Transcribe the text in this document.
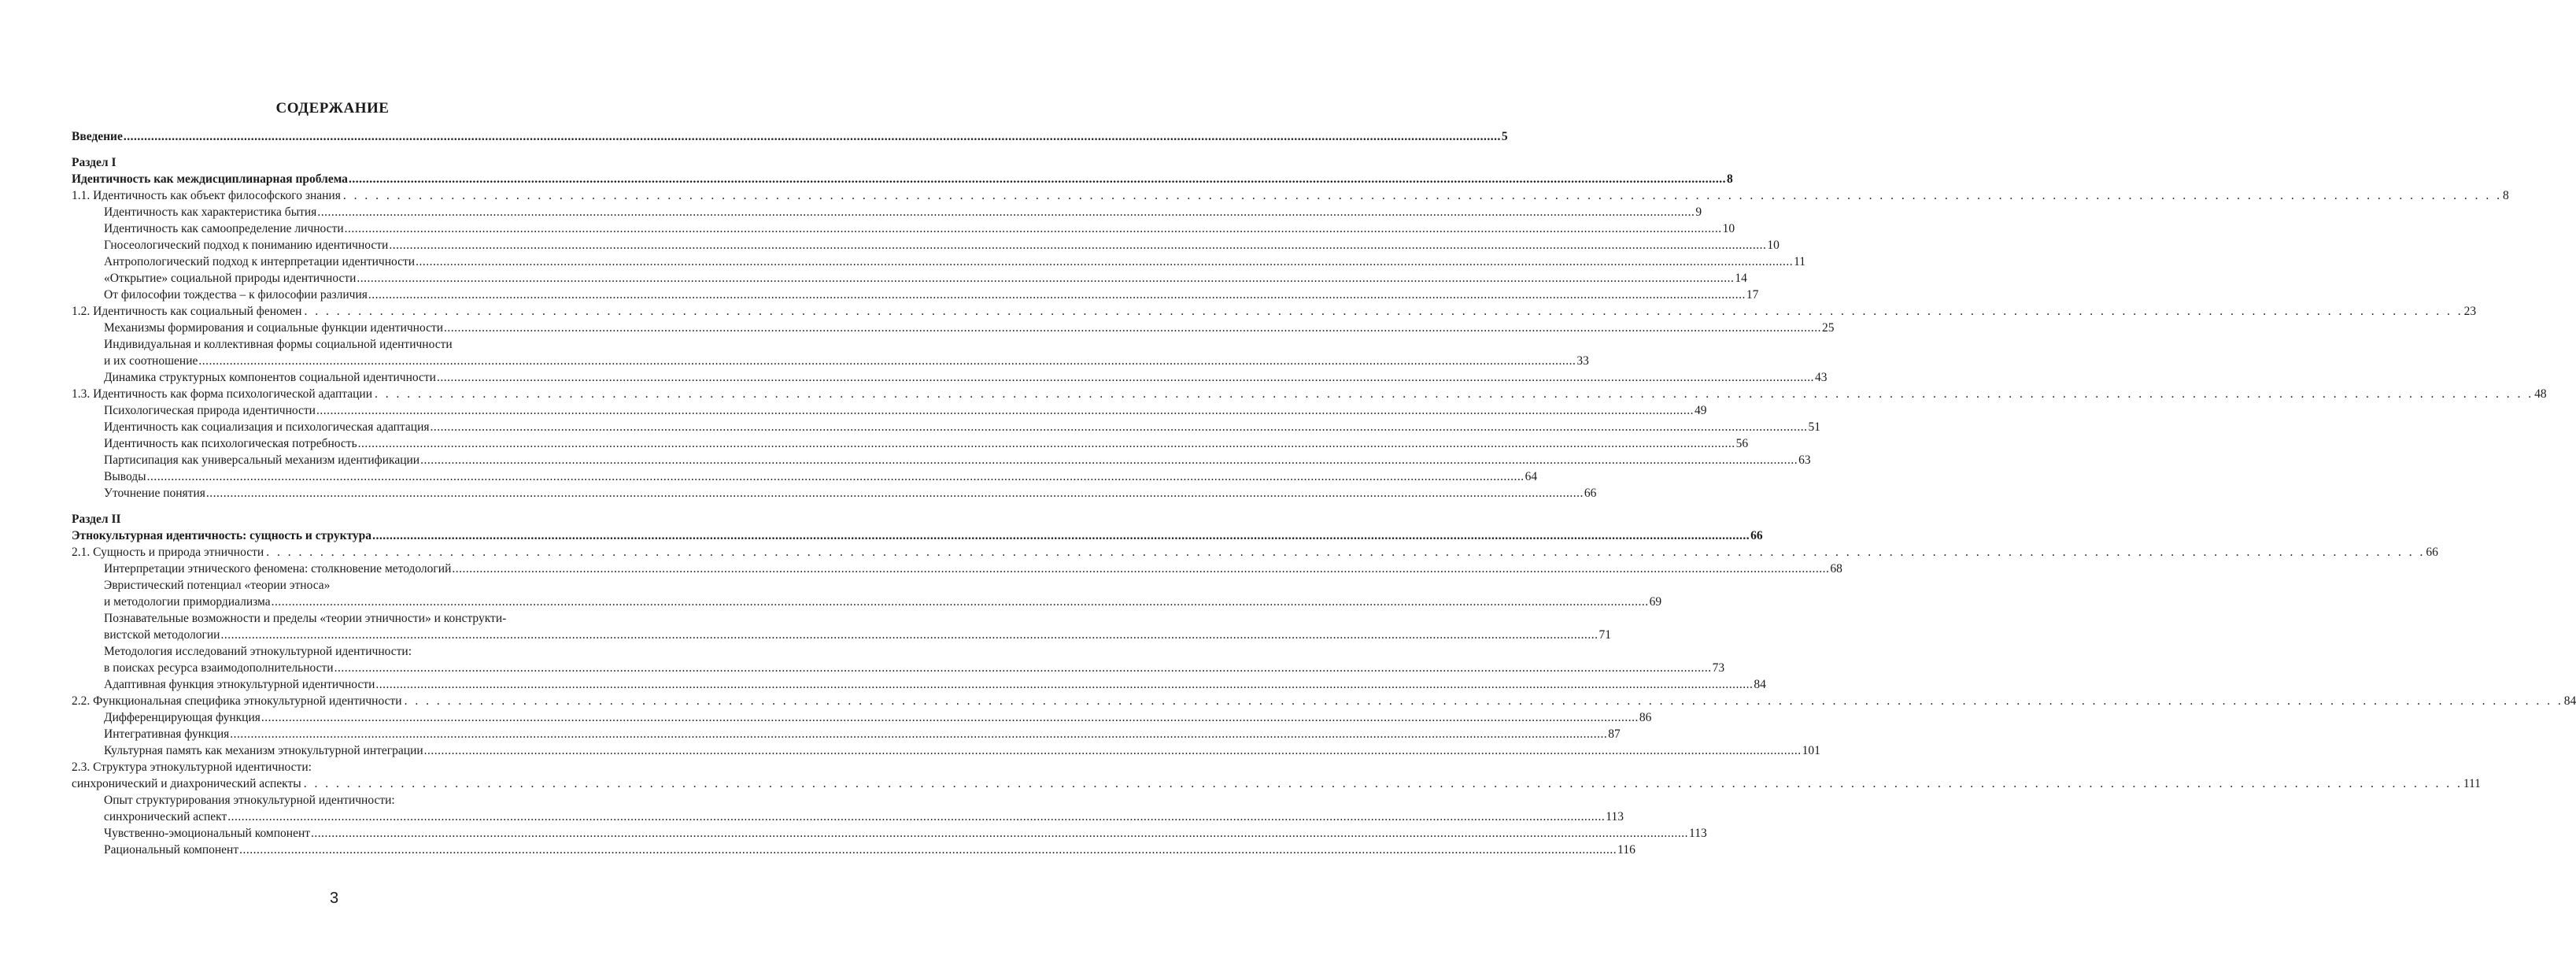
СОДЕРЖАНИЕ
Введение ................................................................................................................................................................................................................................................................................................................................................................................................................ 5
Раздел I
Идентичность как междисциплинарная проблема ................................................................................................................................................................................................................................................................................................................................................................................................................ 8
1.1. Идентичность как объект философского знания . . . . . . . . . . . . . . . . . . . . . . . . . . . . . . . . . . . . . . . . . . . . . . . . . . . . . . . . . . . . . . . . . . . . . . . . . . . . . . . . . . . . . . . . . . . . . . . . . . . . . . . . . . . . . . . . . . . . . . . . . . . . . . . . . . . . . . . . . . . . . . . . . . . . . . . . . . . . . . . . . . . . . . . . . . . . . . . . . . . . . . . . . . . . . . . . . . . . . . . . 8
Идентичность как характеристика бытия ................................................................................................................................................................................................................................................................................................................................................................................................................ 9
Идентичность как самоопределение личности ................................................................................................................................................................................................................................................................................................................................................................................................................ 10
Гносеологический подход к пониманию идентичности ................................................................................................................................................................................................................................................................................................................................................................................................................ 10
Антропологический подход к интерпретации идентичности ................................................................................................................................................................................................................................................................................................................................................................................................................ 11
«Открытие» социальной природы идентичности ................................................................................................................................................................................................................................................................................................................................................................................................................ 14
От философии тождества – к философии различия ................................................................................................................................................................................................................................................................................................................................................................................................................ 17
1.2. Идентичность как социальный феномен . . . . . . . . . . . . . . . . . . . . . . . . . . . . . . . . . . . . . . . . . . . . . . . . . . . . . . . . . . . . . . . . . . . . . . . . . . . . . . . . . . . . . . . . . . . . . . . . . . . . . . . . . . . . . . . . . . . . . . . . . . . . . . . . . . . . . . . . . . . . . . . . . . . . . . . . . . . . . . . . . . . . . . . . . . . . . . . . . . . . . . . . . . . . . . . . . . . . . . . . 23
Механизмы формирования и социальные функции идентичности ................................................................................................................................................................................................................................................................................................................................................................................................................ 25
Индивидуальная и коллективная формы социальной идентичности
и их соотношение ................................................................................................................................................................................................................................................................................................................................................................................................................ 33
Динамика структурных компонентов социальной идентичности ................................................................................................................................................................................................................................................................................................................................................................................................................ 43
1.3. Идентичность как форма психологической адаптации . . . . . . . . . . . . . . . . . . . . . . . . . . . . . . . . . . . . . . . . . . . . . . . . . . . . . . . . . . . . . . . . . . . . . . . . . . . . . . . . . . . . . . . . . . . . . . . . . . . . . . . . . . . . . . . . . . . . . . . . . . . . . . . . . . . . . . . . . . . . . . . . . . . . . . . . . . . . . . . . . . . . . . . . . . . . . . . . . . . . . . . . . . . . . . . . . . . . . . . . 48
Психологическая природа идентичности ................................................................................................................................................................................................................................................................................................................................................................................................................ 49
Идентичность как социализация и психологическая адаптация ................................................................................................................................................................................................................................................................................................................................................................................................................ 51
Идентичность как психологическая потребность ................................................................................................................................................................................................................................................................................................................................................................................................................ 56
Партисипация как универсальный механизм идентификации ................................................................................................................................................................................................................................................................................................................................................................................................................ 63
Выводы ................................................................................................................................................................................................................................................................................................................................................................................................................ 64
Уточнение понятия ................................................................................................................................................................................................................................................................................................................................................................................................................ 66
Раздел II
Этнокультурная идентичность: сущность и структура ................................................................................................................................................................................................................................................................................................................................................................................................................ 66
2.1. Сущность и природа этничности . . . . . . . . . . . . . . . . . . . . . . . . . . . . . . . . . . . . . . . . . . . . . . . . . . . . . . . . . . . . . . . . . . . . . . . . . . . . . . . . . . . . . . . . . . . . . . . . . . . . . . . . . . . . . . . . . . . . . . . . . . . . . . . . . . . . . . . . . . . . . . . . . . . . . . . . . . . . . . . . . . . . . . . . . . . . . . . . . . . . . . . . . . . . . . . . . . . . . . . . 66
Интерпретации этнического феномена: столкновение методологий ................................................................................................................................................................................................................................................................................................................................................................................................................ 68
Эвристический потенциал «теории этноса»
и методологии примордиализма ................................................................................................................................................................................................................................................................................................................................................................................................................ 69
Познавательные возможности и пределы «теории этничности» и конструкти-
вистской методологии ................................................................................................................................................................................................................................................................................................................................................................................................................ 71
Методология исследований этнокультурной идентичности:
в поисках ресурса взаимодополнительности ................................................................................................................................................................................................................................................................................................................................................................................................................ 73
Адаптивная функция этнокультурной идентичности ................................................................................................................................................................................................................................................................................................................................................................................................................ 84
2.2. Функциональная специфика этнокультурной идентичности . . . . . . . . . . . . . . . . . . . . . . . . . . . . . . . . . . . . . . . . . . . . . . . . . . . . . . . . . . . . . . . . . . . . . . . . . . . . . . . . . . . . . . . . . . . . . . . . . . . . . . . . . . . . . . . . . . . . . . . . . . . . . . . . . . . . . . . . . . . . . . . . . . . . . . . . . . . . . . . . . . . . . . . . . . . . . . . . . . . . . . . . . . . . . . . . . . . . . . . . 84
Дифференцирующая функция ................................................................................................................................................................................................................................................................................................................................................................................................................ 86
Интегративная функция ................................................................................................................................................................................................................................................................................................................................................................................................................ 87
Культурная память как механизм этнокультурной интеграции ................................................................................................................................................................................................................................................................................................................................................................................................................ 101
2.3. Структура этнокультурной идентичности:
синхронический и диахронический аспекты . . . . . . . . . . . . . . . . . . . . . . . . . . . . . . . . . . . . . . . . . . . . . . . . . . . . . . . . . . . . . . . . . . . . . . . . . . . . . . . . . . . . . . . . . . . . . . . . . . . . . . . . . . . . . . . . . . . . . . . . . . . . . . . . . . . . . . . . . . . . . . . . . . . . . . . . . . . . . . . . . . . . . . . . . . . . . . . . . . . . . . . . . . . . . . . . . . . . . . . . 111
Опыт структурирования этнокультурной идентичности:
синхронический аспект ................................................................................................................................................................................................................................................................................................................................................................................................................ 113
Чувственно-эмоциональный компонент ................................................................................................................................................................................................................................................................................................................................................................................................................ 113
Рациональный компонент ................................................................................................................................................................................................................................................................................................................................................................................................................ 116
3
